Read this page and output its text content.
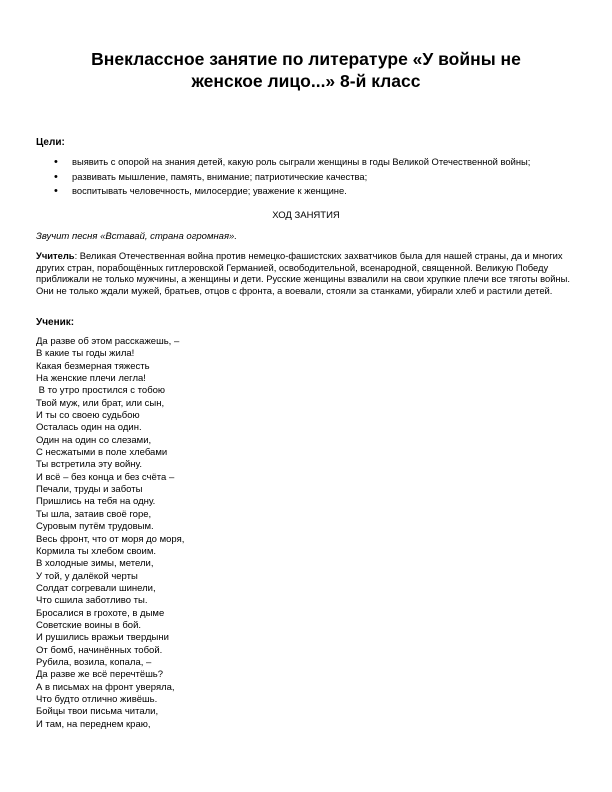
Внеклассное занятие по литературе «У войны не
женское лицо...» 8-й класс

Цели:

• выявить с опорой на знания детей, какую роль сыграли женщины в годы Великой Отечественной войны;
• развивать мышление, память, внимание; патриотические качества;
• воспитывать человечность, милосердие; уважение к женщине.

ХОД ЗАНЯТИЯ

Звучит песня «Вставай, страна огромная».

Учитель: Великая Отечественная война против немецко-фашистских захватчиков была для нашей страны, да и многих других стран, порабощённых гитлеровской Германией, освободительной, всенародной, священной. Великую Победу приближали не только мужчины, а женщины и дети. Русские женщины взвалили на свои хрупкие плечи все тяготы войны. Они не только ждали мужей, братьев, отцов с фронта, а воевали, стояли за станками, убирали хлеб и растили детей.

Ученик:

Да разве об этом расскажешь, –
В какие ты годы жила!
Какая безмерная тяжесть
На женские плечи легла!
В то утро простился с тобою
Твой муж, или брат, или сын,
И ты со своею судьбою
Осталась один на один.
Один на один со слезами,
С несжатыми в поле хлебами
Ты встретила эту войну.
И всё – без конца и без счёта –
Печали, труды и заботы
Пришлись на тебя на одну.
Ты шла, затаив своё горе,
Суровым путём трудовым.
Весь фронт, что от моря до моря,
Кормила ты хлебом своим.
В холодные зимы, метели,
У той, у далёкой черты
Солдат согревали шинели,
Что сшила заботливо ты.
Бросалися в грохоте, в дыме
Советские воины в бой.
И рушились вражьи твердыни
От бомб, начинённых тобой.
Рубила, возила, копала, –
Да разве же всё перечтёшь?
А в письмах на фронт уверяла,
Что будто отлично живёшь.
Бойцы твои письма читали,
И там, на переднем краю,
